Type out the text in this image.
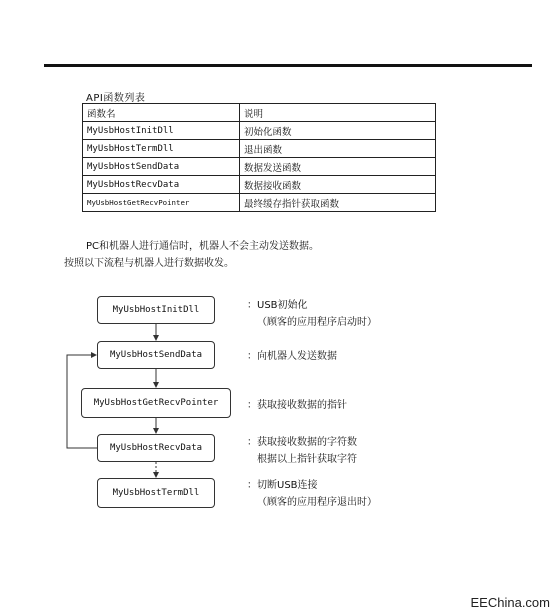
API函数列表
函数名	说明
MyUsbHostInitDll	初始化函数
MyUsbHostTermDll	退出函数
MyUsbHostSendData	数据发送函数
MyUsbHostRecvData	数据接收函数
MyUsbHostGetRecvPointer	最终缓存指针获取函数
PC和机器人进行通信时，机器人不会主动发送数据。
按照以下流程与机器人进行数据收发。
MyUsbHostInitDll
MyUsbHostSendData
MyUsbHostGetRecvPointer
MyUsbHostRecvData
MyUsbHostTermDll
：USB初始化
（顾客的应用程序启动时）
：向机器人发送数据
：获取接收数据的指针
：获取接收数据的字符数
根据以上指针获取字符
：切断USB连接
（顾客的应用程序退出时）
EEChina.com
